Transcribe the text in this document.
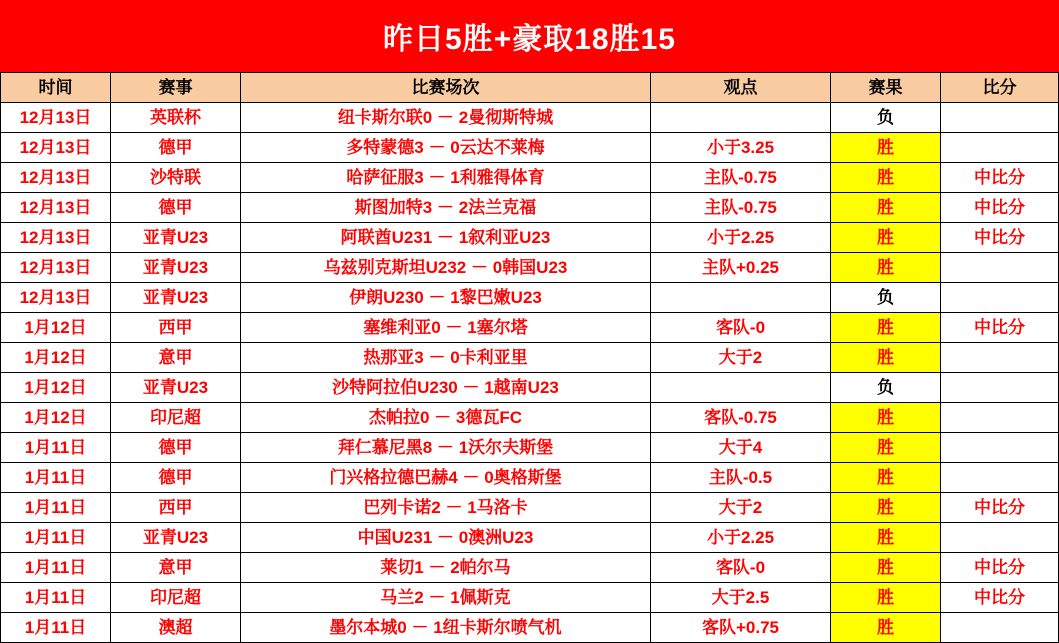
昨日5胜+豪取18胜15
时间	赛事	比赛场次	观点	赛果	比分
12月13日	英联杯	纽卡斯尔联0 － 2曼彻斯特城		负	
12月13日	德甲	多特蒙德3 － 0云达不莱梅	小于3.25	胜	
12月13日	沙特联	哈萨征服3 － 1利雅得体育	主队-0.75	胜	中比分
12月13日	德甲	斯图加特3 － 2法兰克福	主队-0.75	胜	中比分
12月13日	亚青U23	阿联酋U231 － 1叙利亚U23	小于2.25	胜	中比分
12月13日	亚青U23	乌兹别克斯坦U232 － 0韩国U23	主队+0.25	胜	
12月13日	亚青U23	伊朗U230 － 1黎巴嫩U23		负	
1月12日	西甲	塞维利亚0 － 1塞尔塔	客队-0	胜	中比分
1月12日	意甲	热那亚3 － 0卡利亚里	大于2	胜	
1月12日	亚青U23	沙特阿拉伯U230 － 1越南U23		负	
1月12日	印尼超	杰帕拉0 － 3德瓦FC	客队-0.75	胜	
1月11日	德甲	拜仁慕尼黑8 － 1沃尔夫斯堡	大于4	胜	
1月11日	德甲	门兴格拉德巴赫4 － 0奥格斯堡	主队-0.5	胜	
1月11日	西甲	巴列卡诺2 － 1马洛卡	大于2	胜	中比分
1月11日	亚青U23	中国U231 － 0澳洲U23	小于2.25	胜	
1月11日	意甲	莱切1 － 2帕尔马	客队-0	胜	中比分
1月11日	印尼超	马兰2 － 1佩斯克	大于2.5	胜	中比分
1月11日	澳超	墨尔本城0 － 1纽卡斯尔喷气机	客队+0.75	胜	
